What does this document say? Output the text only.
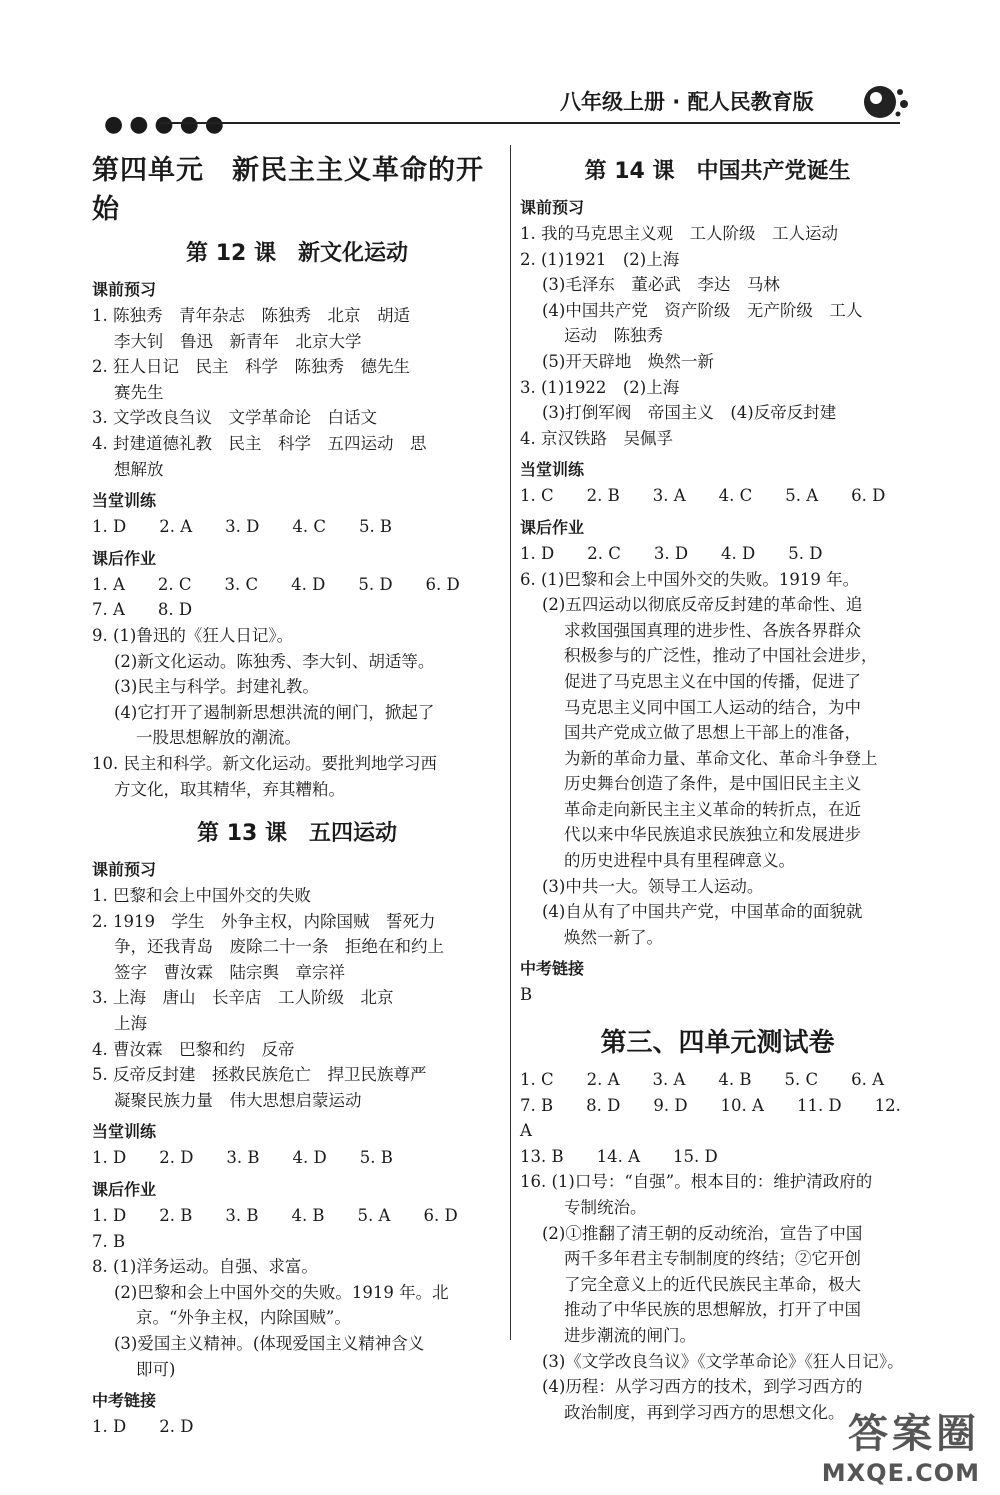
●●●●●
八年级上册 · 配人民教育版
第四单元　新民主主义革命的开始
第 12 课　新文化运动
课前预习
1. 陈独秀　青年杂志　陈独秀　北京　胡适
李大钊　鲁迅　新青年　北京大学
2. 狂人日记　民主　科学　陈独秀　德先生
赛先生
3. 文学改良刍议　文学革命论　白话文
4. 封建道德礼教　民主　科学　五四运动　思
想解放
当堂训练
1. D　　2. A　　3. D　　4. C　　5. B
课后作业
1. A　　2. C　　3. C　　4. D　　5. D　　6. D
7. A　　8. D
9. (1)鲁迅的《狂人日记》。
(2)新文化运动。陈独秀、李大钊、胡适等。
(3)民主与科学。封建礼教。
(4)它打开了遏制新思想洪流的闸门，掀起了
一股思想解放的潮流。
10. 民主和科学。新文化运动。要批判地学习西
方文化，取其精华，弃其糟粕。
第 13 课　五四运动
课前预习
1. 巴黎和会上中国外交的失败
2. 1919　学生　外争主权，内除国贼　誓死力
争，还我青岛　废除二十一条　拒绝在和约上
签字　曹汝霖　陆宗舆　章宗祥
3. 上海　唐山　长辛店　工人阶级　北京
上海
4. 曹汝霖　巴黎和约　反帝
5. 反帝反封建　拯救民族危亡　捍卫民族尊严
凝聚民族力量　伟大思想启蒙运动
当堂训练
1. D　　2. D　　3. B　　4. D　　5. B
课后作业
1. D　　2. B　　3. B　　4. B　　5. A　　6. D
7. B
8. (1)洋务运动。自强、求富。
(2)巴黎和会上中国外交的失败。1919 年。北
京。“外争主权，内除国贼”。
(3)爱国主义精神。(体现爱国主义精神含义
即可)
中考链接
1. D　　2. D
第 14 课　中国共产党诞生
课前预习
1. 我的马克思主义观　工人阶级　工人运动
2. (1)1921　(2)上海
(3)毛泽东　董必武　李达　马林
(4)中国共产党　资产阶级　无产阶级　工人
运动　陈独秀
(5)开天辟地　焕然一新
3. (1)1922　(2)上海
(3)打倒军阀　帝国主义　(4)反帝反封建
4. 京汉铁路　吴佩孚
当堂训练
1. C　　2. B　　3. A　　4. C　　5. A　　6. D
课后作业
1. D　　2. C　　3. D　　4. D　　5. D
6. (1)巴黎和会上中国外交的失败。1919 年。
(2)五四运动以彻底反帝反封建的革命性、追
求救国强国真理的进步性、各族各界群众
积极参与的广泛性，推动了中国社会进步，
促进了马克思主义在中国的传播，促进了
马克思主义同中国工人运动的结合，为中
国共产党成立做了思想上干部上的准备，
为新的革命力量、革命文化、革命斗争登上
历史舞台创造了条件，是中国旧民主主义
革命走向新民主主义革命的转折点，在近
代以来中华民族追求民族独立和发展进步
的历史进程中具有里程碑意义。
(3)中共一大。领导工人运动。
(4)自从有了中国共产党，中国革命的面貌就
焕然一新了。
中考链接
B
第三、四单元测试卷
1. C　　2. A　　3. A　　4. B　　5. C　　6. A
7. B　　8. D　　9. D　　10. A　　11. D　　12. A
13. B　　14. A　　15. D
16. (1)口号：“自强”。根本目的：维护清政府的
专制统治。
(2)①推翻了清王朝的反动统治，宣告了中国
两千多年君主专制制度的终结；②它开创
了完全意义上的近代民族民主革命，极大
推动了中华民族的思想解放，打开了中国
进步潮流的闸门。
(3)《文学改良刍议》《文学革命论》《狂人日记》。
(4)历程：从学习西方的技术，到学习西方的
政治制度，再到学习西方的思想文化。 答案圈
MXQE.COM
